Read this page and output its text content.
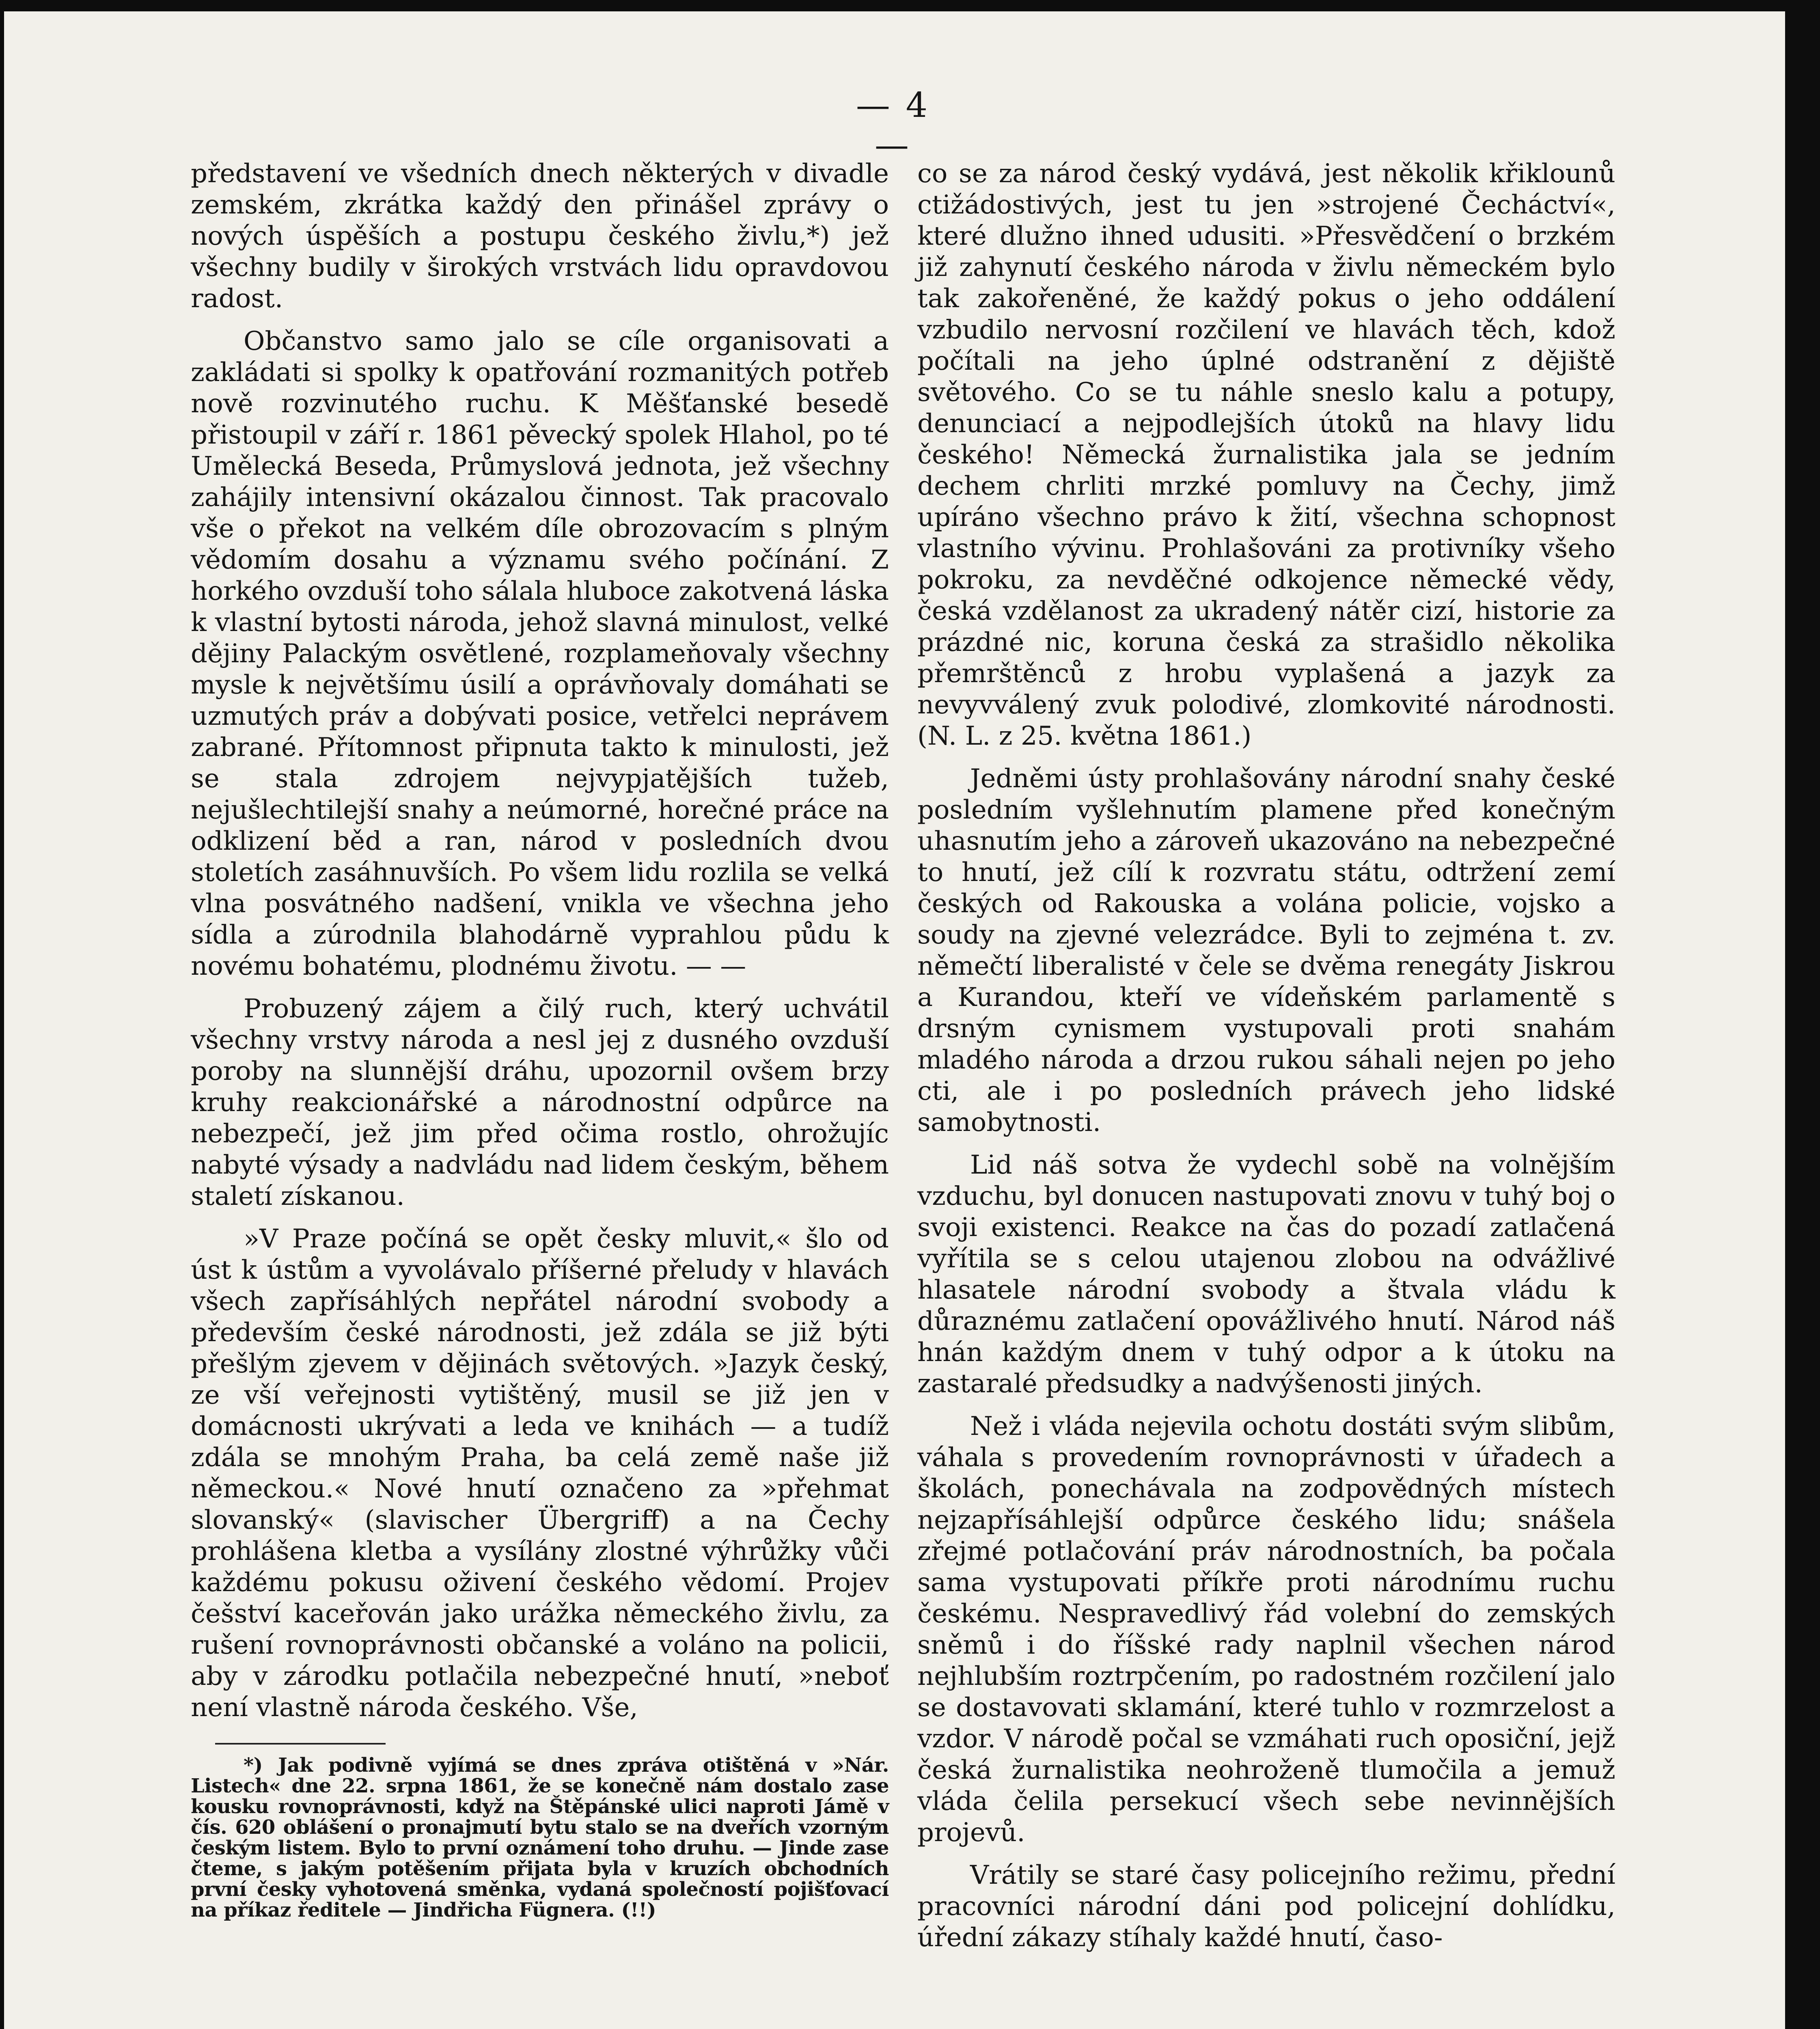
— 4 —

představení ve všedních dnech některých v divadle zemském, zkrátka každý den přinášel zprávy o nových úspěších a postupu českého živlu,*) jež všechny budily v širokých vrstvách lidu opravdovou radost.

Občanstvo samo jalo se cíle organisovati a zakládati si spolky k opatřování rozmanitých potřeb nově rozvinutého ruchu. K Měšťanské besedě přistoupil v září r. 1861 pěvecký spolek Hlahol, po té Umělecká Beseda, Průmyslová jednota, jež všechny zahájily intensivní okázalou činnost. Tak pracovalo vše o překot na velkém díle obrozovacím s plným vědomím dosahu a významu svého počínání. Z horkého ovzduší toho sálala hluboce zakotvená láska k vlastní bytosti národa, jehož slavná minulost, velké dějiny Palackým osvětlené, rozplameňovaly všechny mysle k největšímu úsilí a oprávňovaly domáhati se uzmutých práv a dobývati posice, vetřelci neprávem zabrané. Přítomnost připnuta takto k minulosti, jež se stala zdrojem nejvypjatějších tužeb, nejušlechtilejší snahy a neúmorné, horečné práce na odklizení běd a ran, národ v posledních dvou stoletích zasáhnuvších. Po všem lidu rozlila se velká vlna posvátného nadšení, vnikla ve všechna jeho sídla a zúrodnila blahodárně vyprahlou půdu k novému bohatému, plodnému životu. — —

Probuzený zájem a čilý ruch, který uchvátil všechny vrstvy národa a nesl jej z dusného ovzduší poroby na slunnější dráhu, upozornil ovšem brzy kruhy reakcionářské a národnostní odpůrce na nebezpečí, jež jim před očima rostlo, ohrožujíc nabyté výsady a nadvládu nad lidem českým, během staletí získanou.

»V Praze počíná se opět česky mluvit,« šlo od úst k ústům a vyvolávalo příšerné přeludy v hlavách všech zapřísáhlých nepřátel národní svobody a především české národnosti, jež zdála se již býti přešlým zjevem v dějinách světových. »Jazyk český, ze vší veřejnosti vytištěný, musil se již jen v domácnosti ukrývati a leda ve knihách — a tudíž zdála se mnohým Praha, ba celá země naše již německou.« Nové hnutí označeno za »přehmat slovanský« (slavischer Übergriff) a na Čechy prohlášena kletba a vysílány zlostné výhrůžky vůči každému pokusu oživení českého vědomí. Projev češství kaceřován jako urážka německého živlu, za rušení rovnoprávnosti občanské a voláno na policii, aby v zárodku potlačila nebezpečné hnutí, »neboť není vlastně národa českého. Vše,

*) Jak podivně vyjímá se dnes zpráva otištěná v »Nár. Listech« dne 22. srpna 1861, že se konečně nám dostalo zase kousku rovnoprávnosti, když na Štěpánské ulici naproti Jámě v čís. 620 oblášení o pronajmutí bytu stalo se na dveřích vzorným českým listem. Bylo to první oznámení toho druhu. — Jinde zase čteme, s jakým potěšením přijata byla v kruzích obchodních první česky vyhotovená směnka, vydaná společností pojišťovací na příkaz ředitele — Jindřicha Fügnera. (!!)

co se za národ český vydává, jest několik křiklounů ctižádostivých, jest tu jen »strojené Čecháctví«, které dlužno ihned udusiti. »Přesvědčení o brzkém již zahynutí českého národa v živlu německém bylo tak zakořeněné, že každý pokus o jeho oddálení vzbudilo nervosní rozčilení ve hlavách těch, kdož počítali na jeho úplné odstranění z dějiště světového. Co se tu náhle sneslo kalu a potupy, denunciací a nejpodlejších útoků na hlavy lidu českého! Německá žurnalistika jala se jedním dechem chrliti mrzké pomluvy na Čechy, jimž upíráno všechno právo k žití, všechna schopnost vlastního vývinu. Prohlašováni za protivníky všeho pokroku, za nevděčné odkojence německé vědy, česká vzdělanost za ukradený nátěr cizí, historie za prázdné nic, koruna česká za strašidlo několika přemrštěnců z hrobu vyplašená a jazyk za nevyvválený zvuk polodivé, zlomkovité národnosti. (N. L. z 25. května 1861.)

Jedněmi ústy prohlašovány národní snahy české posledním vyšlehnutím plamene před konečným uhasnutím jeho a zároveň ukazováno na nebezpečné to hnutí, jež cílí k rozvratu státu, odtržení zemí českých od Rakouska a volána policie, vojsko a soudy na zjevné velezrádce. Byli to zejména t. zv. němečtí liberalisté v čele se dvěma renegáty Jiskrou a Kurandou, kteří ve vídeňském parlamentě s drsným cynismem vystupovali proti snahám mladého národa a drzou rukou sáhali nejen po jeho cti, ale i po posledních právech jeho lidské samobytnosti.

Lid náš sotva že vydechl sobě na volnějším vzduchu, byl donucen nastupovati znovu v tuhý boj o svoji existenci. Reakce na čas do pozadí zatlačená vyřítila se s celou utajenou zlobou na odvážlivé hlasatele národní svobody a štvala vládu k důraznému zatlačení opovážlivého hnutí. Národ náš hnán každým dnem v tuhý odpor a k útoku na zastaralé předsudky a nadvýšenosti jiných.

Než i vláda nejevila ochotu dostáti svým slibům, váhala s provedením rovnoprávnosti v úřadech a školách, ponechávala na zodpovědných místech nejzapřísáhlejší odpůrce českého lidu; snášela zřejmé potlačování práv národnostních, ba počala sama vystupovati příkře proti národnímu ruchu českému. Nespravedlivý řád volební do zemských sněmů i do říšské rady naplnil všechen národ nejhlubším roztrpčením, po radostném rozčilení jalo se dostavovati sklamání, které tuhlo v rozmrzelost a vzdor. V národě počal se vzmáhati ruch oposiční, jejž česká žurnalistika neohroženě tlumočila a jemuž vláda čelila persekucí všech sebe nevinnějších projevů.

Vrátily se staré časy policejního režimu, přední pracovníci národní dáni pod policejní dohlídku, úřední zákazy stíhaly každé hnutí, časo-
